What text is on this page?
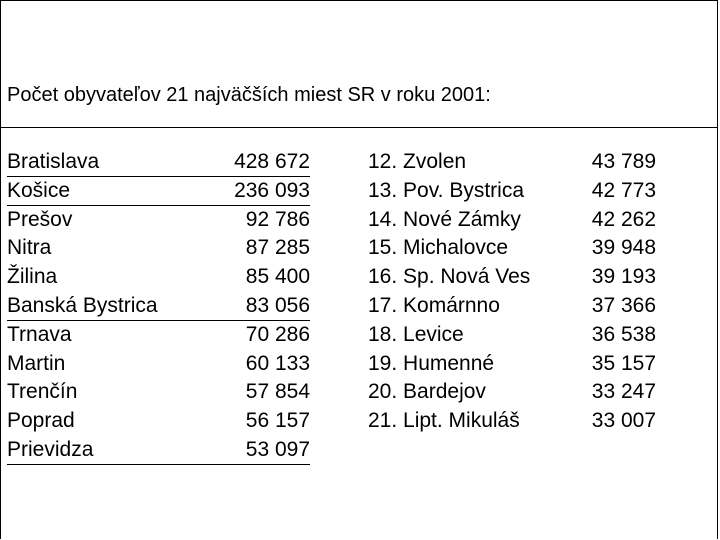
Počet obyvateľov 21 najväčších miest SR v roku 2001:
Bratislava
Košice
Prešov
Nitra
Žilina
Banská Bystrica
Trnava
Martin
Trenčín
Poprad
Prievidza
428 672
236 093
92 786
87 285
85 400
83 056
70 286
60 133
57 854
56 157
53 097
12. Zvolen
13. Pov. Bystrica
14. Nové Zámky
15. Michalovce
16. Sp. Nová Ves
17. Komárnno
18. Levice
19. Humenné
20. Bardejov
21. Lipt. Mikuláš
43 789
42 773
42 262
39 948
39 193
37 366
36 538
35 157
33 247
33 007
